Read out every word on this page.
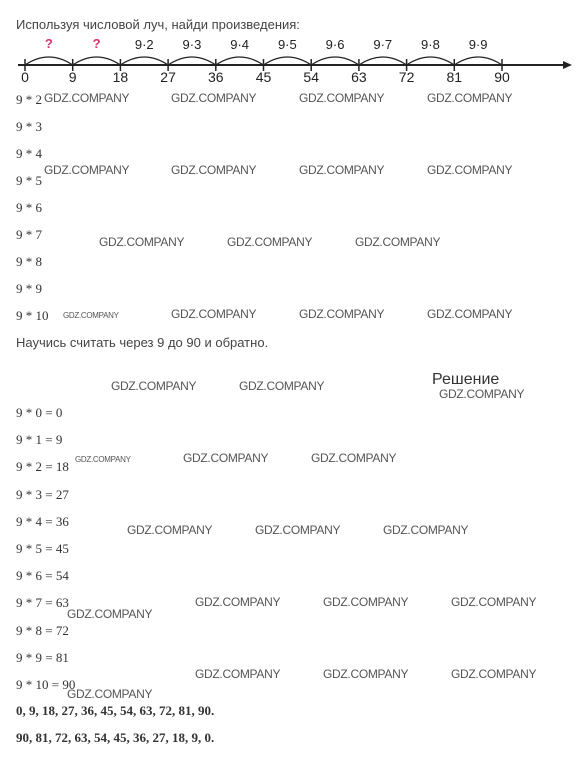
Используя числовой луч, найди произведения:
0	9	18 27
9·2
36
9·3
45
9·4
54
9·5
63
9·6
72
9·7
81
9·8
90
9·9
?	?
9 * 2
9 * 3
9 * 4
9 * 5
9 * 6
9 * 7
9 * 8
9 * 9
9 * 10
Научись считать через 9 до 90 и обратно.
Решение
9 * 0 = 0
9 * 1 = 9
9 * 2 = 18
9 * 3 = 27
9 * 4 = 36
9 * 5 = 45
9 * 6 = 54
9 * 7 = 63
9 * 8 = 72
9 * 9 = 81
9 * 10 = 90
0, 9, 18, 27, 36, 45, 54, 63, 72, 81, 90.
90, 81, 72, 63, 54, 45, 36, 27, 18, 9, 0.
GDZ.COMPANY	GDZ.COMPANY	GDZ.COMPANY	GDZ.COMPANY
GDZ.COMPANY	GDZ.COMPANY	GDZ.COMPANY	GDZ.COMPANY
GDZ.COMPANY	GDZ.COMPANY	GDZ.COMPANY
GDZ.COMPANY	GDZ.COMPANY	GDZ.COMPANY	GDZ.COMPANY
GDZ.COMPANY	GDZ.COMPANY
GDZ.COMPANY
GDZ.COMPANY	GDZ.COMPANY	GDZ.COMPANY
GDZ.COMPANY	GDZ.COMPANY	GDZ.COMPANY
GDZ.COMPANY	GDZ.COMPANY	GDZ.COMPANY
GDZ.COMPANY
GDZ.COMPANY	GDZ.COMPANY	GDZ.COMPANY
GDZ.COMPANY
